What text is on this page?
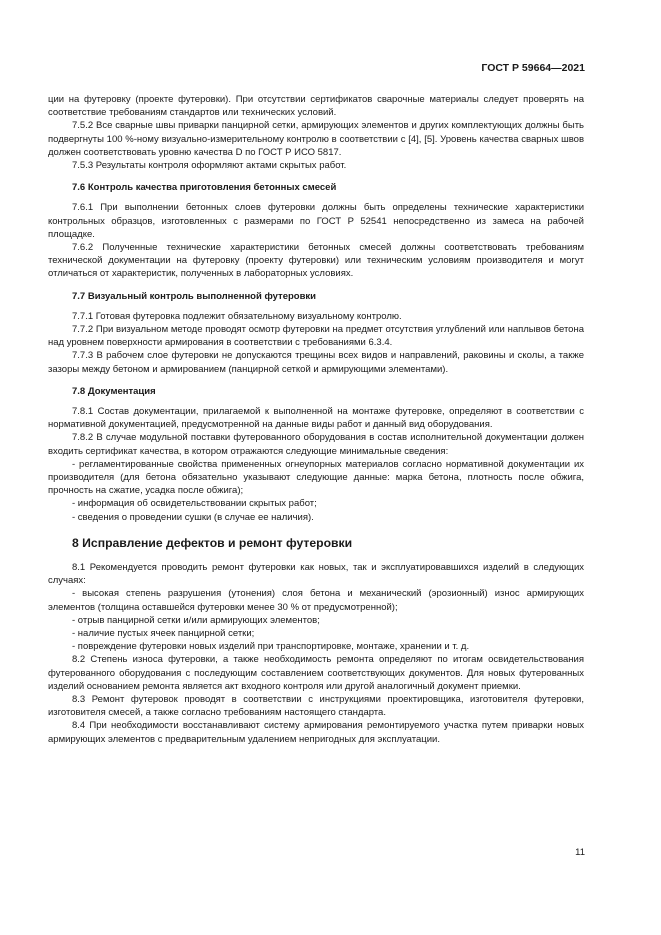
ГОСТ Р 59664—2021

ции на футеровку (проекте футеровки). При отсутствии сертификатов сварочные материалы следует проверять на соответствие требованиям стандартов или технических условий.

7.5.2 Все сварные швы приварки панцирной сетки, армирующих элементов и других комплектующих должны быть подвергнуты 100 %-ному визуально-измерительному контролю в соответствии с [4], [5]. Уровень качества сварных швов должен соответствовать уровню качества D по ГОСТ Р ИСО 5817.

7.5.3 Результаты контроля оформляют актами скрытых работ.

7.6 Контроль качества приготовления бетонных смесей

7.6.1 При выполнении бетонных слоев футеровки должны быть определены технические характеристики контрольных образцов, изготовленных с размерами по ГОСТ Р 52541 непосредственно из замеса на рабочей площадке.

7.6.2 Полученные технические характеристики бетонных смесей должны соответствовать требованиям технической документации на футеровку (проекту футеровки) или техническим условиям производителя и могут отличаться от характеристик, полученных в лабораторных условиях.

7.7 Визуальный контроль выполненной футеровки

7.7.1 Готовая футеровка подлежит обязательному визуальному контролю.

7.7.2 При визуальном методе проводят осмотр футеровки на предмет отсутствия углублений или наплывов бетона над уровнем поверхности армирования в соответствии с требованиями 6.3.4.

7.7.3 В рабочем слое футеровки не допускаются трещины всех видов и направлений, раковины и сколы, а также зазоры между бетоном и армированием (панцирной сеткой и армирующими элементами).

7.8 Документация

7.8.1 Состав документации, прилагаемой к выполненной на монтаже футеровке, определяют в соответствии с нормативной документацией, предусмотренной на данные виды работ и данный вид оборудования.

7.8.2 В случае модульной поставки футерованного оборудования в состав исполнительной документации должен входить сертификат качества, в котором отражаются следующие минимальные сведения:

- регламентированные свойства примененных огнеупорных материалов согласно нормативной документации их производителя (для бетона обязательно указывают следующие данные: марка бетона, плотность после обжига, прочность на сжатие, усадка после обжига);

- информация об освидетельствовании скрытых работ;

- сведения о проведении сушки (в случае ее наличия).

8 Исправление дефектов и ремонт футеровки

8.1 Рекомендуется проводить ремонт футеровки как новых, так и эксплуатировавшихся изделий в следующих случаях:

- высокая степень разрушения (утонения) слоя бетона и механический (эрозионный) износ армирующих элементов (толщина оставшейся футеровки менее 30 % от предусмотренной);

- отрыв панцирной сетки и/или армирующих элементов;

- наличие пустых ячеек панцирной сетки;

- повреждение футеровки новых изделий при транспортировке, монтаже, хранении и т. д.

8.2 Степень износа футеровки, а также необходимость ремонта определяют по итогам освидетельствования футерованного оборудования с последующим составлением соответствующих документов. Для новых футерованных изделий основанием ремонта является акт входного контроля или другой аналогичный документ приемки.

8.3 Ремонт футеровок проводят в соответствии с инструкциями проектировщика, изготовителя футеровки, изготовителя смесей, а также согласно требованиям настоящего стандарта.

8.4 При необходимости восстанавливают систему армирования ремонтируемого участка путем приварки новых армирующих элементов с предварительным удалением непригодных для эксплуатации.

11
